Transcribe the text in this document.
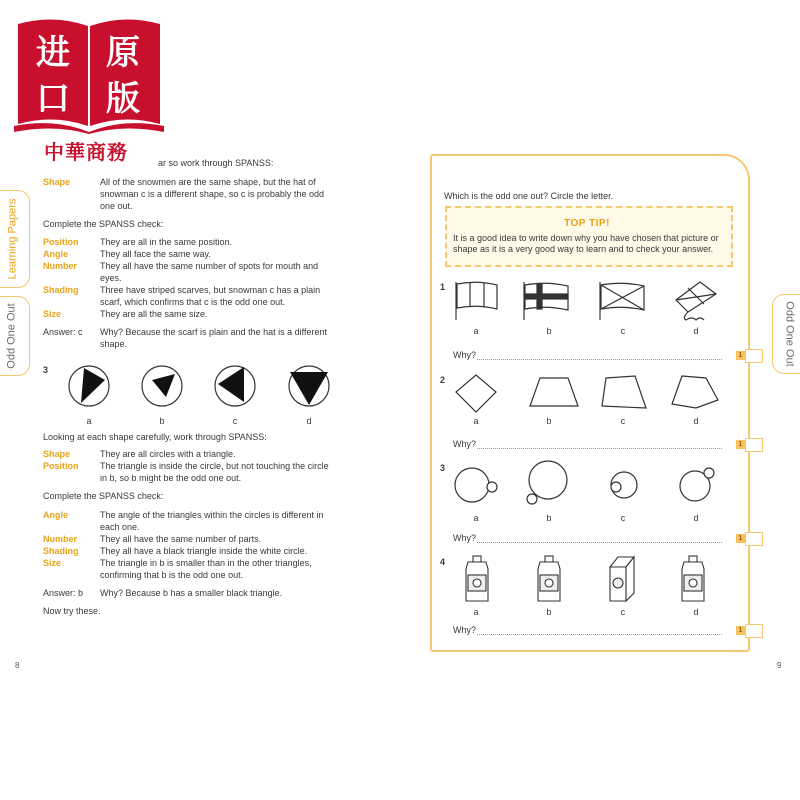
进
口
原
版
中華商務
Learning Papers
Odd One Out	Odd One Out
ar so work through SPANSS:
Shape	All of the snowmen are the same shape, but the hat of snowman c is a different shape, so c is probably the odd one out.
Complete the SPANSS check:
Position They are all in the same position.
Angle	They all face the same way.
Number	They all have the same number of spots for mouth and eyes.
Shading Three have striped scarves, but snowman c has a plain scarf, which confirms that c is the odd one out.
Size	They are all the same size.
Answer: c Why? Because the scarf is plain and the hat is a different shape.
3
a	b	c	d
Looking at each shape carefully, work through SPANSS:
Shape	They are all circles with a triangle.
Position The triangle is inside the circle, but not touching the circle in b, so b might be the odd one out.
Complete the SPANSS check:
Angle	The angle of the triangles within the circles is different in each one.
Number	They all have the same number of parts.
Shading They all have a black triangle inside the white circle.
Size	The triangle in b is smaller than in the other triangles, confirming that b is the odd one out.
Answer: b Why? Because b has a smaller black triangle.
Now try these.
8
Which is the odd one out? Circle the letter.
TOP TIP!
It is a good idea to write down why you have chosen that picture or shape as it is a very good way to learn and to check your answer.
1
a	b	c	d
Why?	1
2
a	b	c	d
Why?	1
3
a	b	c	d
Why?	1
4
a	b	c	d
Why?	1
9
